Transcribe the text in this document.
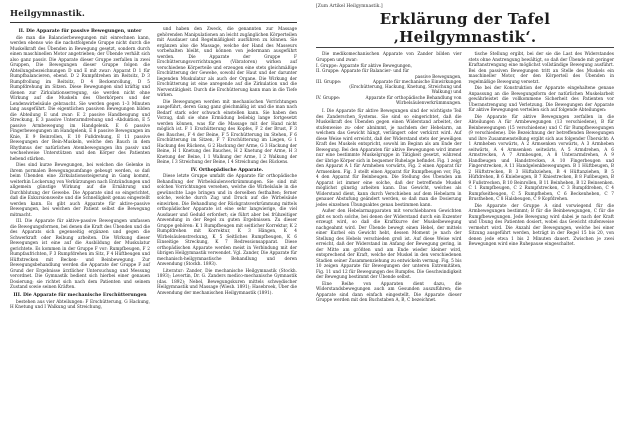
Heilgymnastik.
II. Die Apparate für passive Bewegungen, unter

die man die Balancierbewegungen mit einrechnen kann, werden ebenso wie die nachstfolgende Gruppe nicht durch die Muskelkraft des Übenden in Bewegung gesetzt, sondern durch einen maschinellen Motor angetrieben; der Übende verhält sich also ganz passiv. Die Apparate dieser Gruppe zerfallen in zwei Gruppen, Die Bewegungen dieser Gruppe folgen die Abteilungsbezeichnungen D und E mit zwar: Apparat D 1 für Rumpfbalancieren, ebend. D 2 Rumpfdrehen im Reitsitz, D 3 Rumpfrollung im Reitsitz, D 4 Beckenrollung, D 5 Rumpfdrehung im Sitzen. Diese Bewegungen sind kräftig und dienen zur Zirkulationserregung, sie werden nicht ohne Wirkung auf die Muskeln des Oberkörpers und der Lendenwirbelsäule gebraucht. Sie werden gegen 1–3 Minuten lang ausgeführt. Die eigentlichen passiven Bewegungen bilden die Abteilung E und zwar: E 2 passive Handbeugung und Streckung, E 3 passive Unterarmdrehung und -Abduktion, E 5 passive Armbewegung im Handgelenk. E 6 passive Fingerbewegungen im Handgelenk, E 8 passive Bewegungen im Knie, E 9 Beinrollen, E 10 Fußdrehung, E 11 passive Bewegungen der Bein-Muskeln, welche den Bauch in dem Rhythmus der natürlichen Atembewegungen ihn passiv und wechselweise Unterstützen und den Körper des Patienten hebend stärken.

Dies sind kurze Bewegungen, bei welchen die Gelenke in ihrem normalen Bewegungsumfange gebeugt werden, so daß beim Übenden eine Zirkulationssteigerung in Gang kommt, weiterhin Lockerung von Verkürzungen nach Entzündungen und allgemein günstige Wirkung auf die Ernährung und Durchblutung der Gewebe. Die Apparate sind so eingerichtet, daß die Exkursionsweite und die Schnelligkeit genau eingestellt werden kann. Es gibt auch Apparate für aktive-passive Bewegungen, bei welchen der Patient selbst die Bewegung mitmacht.

III. Die Apparate für aktive-passive Bewegungen umfassen die Bewegungsformen, bei denen die Kraft des Übenden und die des Apparats sich gegenseitig ergänzen und gegen die Schwerkraft oder Reibung arbeiten. Die Wirkung dieser Bewegungen ist eine auf die Ausbildung der Muskulatur gerichtete. Es kommen in der Gruppe F vor: Rumpfbeugen, F 2 Rumpfaufrichten, F 3 Rumpfdrehen im Sitz, F 4 Hüftbeugen und Hüftstrecken mit Becken- und Beinbewegung. Zur Bewegungsbehandlung werden die Apparate der Gruppe F auf Grund der Ergebnisse ärztlicher Untersuchung und Messung verordnet. Die Gymnastik bedient sich hierbei einer genauen Dosierung; sie richtet sich nach dem Patienten und seinem Zustand sowie seinen Kräften.

III. Die Apparate für mechanische Erschütterungen

bestehen aus vier Abteilungen: F Erschütterung, G Hackung, H Knetung und I Walkung und Streichung,

und haben den Zweck, die genannten zur Massage gehörenden Manipulationen an leicht zugänglichen Körperteilen mit Ausdauer und Regelmäßigkeit ausführen zu können. Sie ergänzen also die Massage, welche der Hand des Masseurs vorbehalten bleibt, und können von jedermann ausgeführt werden. Die Apparate der Gruppe F Erschütterungsvorrichtungen (Vibratoren) wirken auf verschiedene Körperteile und erzeugen eine stets gleichmäßige Erschütterung der Gewebe, sowohl der Haut und der darunter liegenden Muskulatur als auch der Organe. Die Wirkung der Erschütterung ist eine anregende auf die Zirkulation und die Nerventätigkeit. Durch die Erschütterung kann man in die Tiefe wirken.

Die Bewegungen werden mit mechanischen Vorrichtungen ausgeführt, deren Gang ganz gleichmäßig ist und die man nach Bedarf stark oder schwach einstellen kann. Sie haben den Vorzug, daß sie ohne Ermüdung beliebig lange fortgesetzt werden können, was für die Massage mit der Hand nicht möglich ist. F 1 Erschütterung des Kopfes, F 2 der Brust, F 3 des Bauches, F 4 der Beine, F 5 Erschütterung im Stehen, F 6 Erschütterung im Sitzen, F 7 Erschütterung im Liegen, G 1 Hackung des Rückens, G 2 Hackung der Arme, G 3 Hackung der Beine, H 1 Knetung des Bauches, H 2 Knetung der Arme, H 3 Knetung der Beine, I 1 Walkung der Arme, I 2 Walkung der Beine, I 3 Streichung der Beine, I 4 Streichung des Rückens.

IV. Orthopädische Apparate.

Diese letzte Gruppe umfaßt die Apparate für orthopädische Behandlung der Wirbelsäulenverkrümmungen. Sie sind mit solchen Vorrichtungen versehen, welche die Wirbelsäule in die gewünschte Lage bringen und in derselben festhalten; ferner solche, welche durch Zug und Druck auf die Wirbelsäule einwirken. Die Behandlung der Rückgratsverkrümmung mittels orthopädischer Apparate ist eine sehr langwierige, die viel Ausdauer und Geduld erfordert; sie führt aber bei frühzeitiger Anwendung in der Regel zu guten Ergebnissen. Zu dieser Gruppe gehören: K 1 Rumpfbeugen mit seitlicher Korrektur, K 2 Rumpfdrehen mit Korrektur, K 3 Hängen, K 4 Wirbelsäulenstreckung, K 5 Seitliches Rumpfbeugen, K 6 Einseitige Streckung, K 7 Redressionsapparat. Diese orthopädischen Apparate werden meist in Verbindung mit der übrigen Heilgymnastik verwendet. Vgl. Zander, Die Apparate für mechanisch-heilgymnastische Behandlung und deren Anwendung (Stockh. 1893).

Literatur: Zander, Die mechanische Heilgymnastik (Stockh. 1893); Levertin, Dr. G. Zanders medico-mechanische Gymnastik (das. 1892); Nebel, Bewegungskuren mittels schwedischer Heilgymnastik und Massage (Wiesb. 1891); Hasebroek, Über die Anwendung der mechanischen Heilgymnastik (1891).

[Zum Artikel Heilgymnastik.]
Erklärung der Tafel ‚Heilgymnastik‘.

Die medikomechanischen Apparate von Zander bilden vier Gruppen und zwar:

I. Gruppe: Apparate für aktive Bewegungen,
II. Gruppe: Apparate für Balancier- und für
passive Bewegungen,
III. Gruppe:	Apparate für mechanische Einwirkungen (Erschütterung, Hackung, Knetung, Streichung und Walkung) und
IV. Gruppe:	Apparate für orthopädische Behandlung von Wirbelsäulenverkrümmungen.

I. Die Apparate für aktive Bewegungen sind der wichtigste Teil des Zanderschen Systems. Sie sind so eingerichtet, daß die Muskelkraft des Übenden gegen einen Widerstand arbeitet, der stufenweise zu- oder abnimmt, je nachdem der Hebelarm, an welchem das Gewicht hängt, verlängert oder verkürzt wird. Auf diese Weise wird erreicht, daß der Widerstand stets der jeweiligen Kraft des Muskels entspricht, sowohl im Beginn als am Ende der Bewegung. Bei den Apparaten für aktive Bewegungen wird immer nur eine bestimmte Muskelgruppe in Tätigkeit gesetzt, während der übrige Körper sich in bequemer Ruhelage befindet. Fig. 1 zeigt den Apparat A 1 für Armheben vorwärts, Fig. 2 einen Apparat für Armsenken. Fig. 3 stellt einen Apparat für Rumpfbeugen vor, Fig. 4 den Apparat für Beinbeugen. Die Stellung des Übenden am Apparat ist immer eine solche, daß der betreffende Muskel möglichst günstig arbeiten kann. Das Gewicht, welches als Widerstand dient, kann durch Verschieben auf dem Hebelarm in genauer Abstufung geändert werden, so daß man die Dosierung jedes einzelnen Übungsaktes genau bestimmen kann.

Außer den Hebelarmapparaten mit verschiebbaren Gewichten gibt es noch solche, bei denen der Widerstand durch ein Exzenter erzeugt wird, so daß die Kraftkurve der Muskelbewegung nachgeahmt wird. Der Übende bewegt einen Hebel, der mittels einer Kurbel ein Gewicht hebt, dessen Moment je nach der Stellung des Hebels verschieden groß ist. Auf diese Weise wird erreicht, daß der Widerstand im Anfang der Bewegung gering, in der Mitte am größten und am Ende wieder kleiner wird, entsprechend der Kraft, welche der Muskel in den verschiedenen Stadien seiner Zusammenziehung zu entwickeln vermag. Fig. 5 bis 10 zeigen Apparate für Bewegungen der unteren Extremitäten, Fig. 11 und 12 für Bewegungen des Rumpfes. Die Geschwindigkeit der Bewegung bestimmt der Übende selbst.

Eine Reihe von Apparaten dient dazu, die Widerstandsbewegungen auch am Gesunden auszuführen; die Apparate sind dann einfach eingestellt. Die Apparate dieser Gruppe werden mit den Buchstaben A, B, C bezeichnet.

tische Stellung ergibt, bei der sie die Last des Widerstandes stets ohne Anstrengung bewältigt, so daß der Übende mit geringer Kraftanstrengung eine möglichst vollständige Bewegung ausführt. Bei den passiven Bewegungen tritt an Stelle des Muskels ein maschineller Motor, der den Körperteil des Übenden in regelmäßige Bewegung versetzt.

Die bei der Konstruktion der Apparate eingehaltene genaue Anpassung an die Bewegungsform der natürlichen Muskelarbeit gewährleistet die vollkommene Sicherheit des Patienten vor Überanstrengung und Verletzung. Die Bewegungen der Apparate für aktive Bewegungen verteilen sich auf folgende Abteilungen:

Die Apparate für aktive Bewegungen zerfallen in die Abteilungen A für Armbewegungen (13 verschiedene), B für Beinbewegungen (15 verschiedene) und C für Rumpfbewegungen (9 verschiedene). Die Bezeichnung der betreffenden Bewegungen und ihre Zusammenstellung ergibt sich aus folgender Übersicht: A 1 Armheben vorwärts, A 2 Armsenken vorwärts, A 3 Armheben seitwärts, A 4 Armsenken seitwärts, A 5 Armdrehen, A 6 Armstrecken, A 7 Armbeugen, A 8 Unterarmdrehen, A 9 Handbeugen und Handstrecken, A 10 Fingerbeugen und Fingerstrecken, A 11 Handgelenkbewegungen. B 1 Hüftbeugen, B 2 Hüftstrecken, B 3 Hüftabziehen, B 4 Hüftanziehen, B 5 Hüftdrehen, B 6 Kniebeugen, B 7 Kniestrecken, B 8 Fußbeugen, B 9 Fußstrecken, B 10 Beinrollen, B 11 Beinheben, B 12 Beinsenken. C 1 Rumpfbeugen, C 2 Rumpfstrecken, C 3 Rumpfdrehen, C 4 Rumpfseitbeugen, C 5 Rumpfheben, C 6 Beckenheben, C 7 Brustheben, C 8 Halsbeugen, C 9 Kopfdrehen.

Die Apparate der Gruppe A sind vorwiegend für die Armbewegungen bestimmt; B für die Beinbewegungen, C für die Rumpfbewegungen. Jede Bewegung wird dabei je nach der Kraft und Übung des Patienten dosiert, wobei das Gewicht stufenweise vermehrt wird. Die Anzahl der Bewegungen, welche bei einer Sitzung ausgeführt werden, beträgt in der Regel 15 bis 20, von denen jede etwa 1 bis 2 Minuten dauert. Zwischen je zwei Bewegungen wird eine Ruhepause eingeschaltet.
